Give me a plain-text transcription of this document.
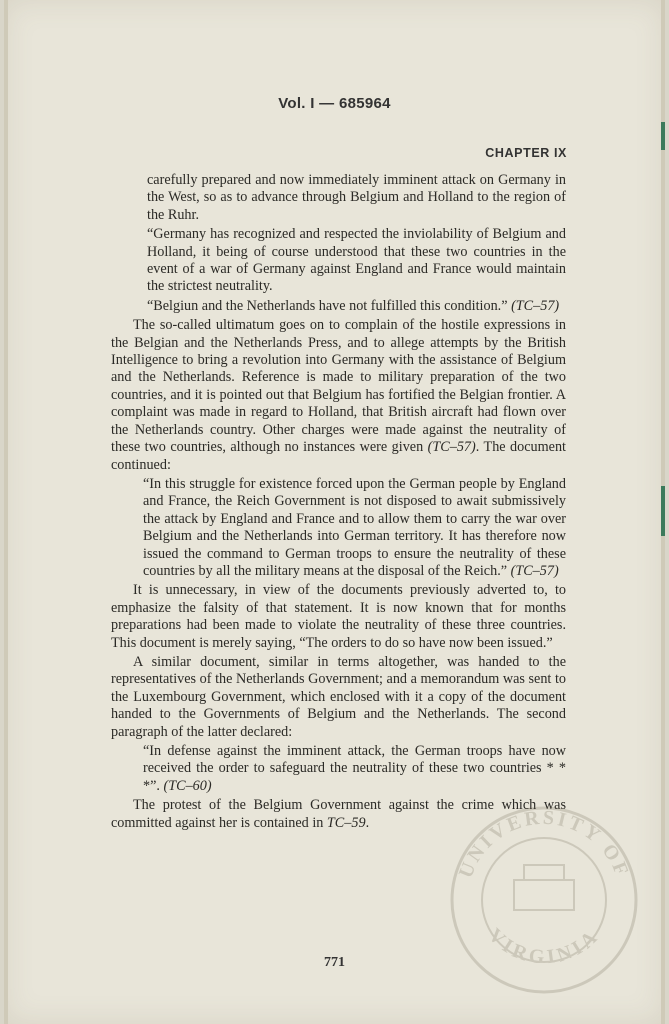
Vol. I — 685964
CHAPTER IX

carefully prepared and now immediately imminent attack on Germany in the West, so as to advance through Belgium and Holland to the region of the Ruhr.

“Germany has recognized and respected the inviolability of Belgium and Holland, it being of course understood that these two countries in the event of a war of Germany against England and France would maintain the strictest neutrality.

“Belgiun and the Netherlands have not fulfilled this condition.” (TC–57)

The so-called ultimatum goes on to complain of the hostile expressions in the Belgian and the Netherlands Press, and to allege attempts by the British Intelligence to bring a revolution into Germany with the assistance of Belgium and the Netherlands. Reference is made to military preparation of the two countries, and it is pointed out that Belgium has fortified the Belgian frontier. A complaint was made in regard to Holland, that British aircraft had flown over the Netherlands country. Other charges were made against the neutrality of these two countries, although no instances were given (TC–57). The document continued:

“In this struggle for existence forced upon the German people by England and France, the Reich Government is not disposed to await submissively the attack by England and France and to allow them to carry the war over Belgium and the Netherlands into German territory. It has therefore now issued the command to German troops to ensure the neutrality of these countries by all the military means at the disposal of the Reich.” (TC–57)

It is unnecessary, in view of the documents previously adverted to, to emphasize the falsity of that statement. It is now known that for months preparations had been made to violate the neutrality of these three countries. This document is merely saying, “The orders to do so have now been issued.”

A similar document, similar in terms altogether, was handed to the representatives of the Netherlands Government; and a memorandum was sent to the Luxembourg Government, which enclosed with it a copy of the document handed to the Governments of Belgium and the Netherlands. The second paragraph of the latter declared:

“In defense against the imminent attack, the German troops have now received the order to safeguard the neutrality of these two countries * * *”. (TC–60)

The protest of the Belgium Government against the crime which was committed against her is contained in TC–59.

UNIVERSITY OF
VIRGINIA
771
